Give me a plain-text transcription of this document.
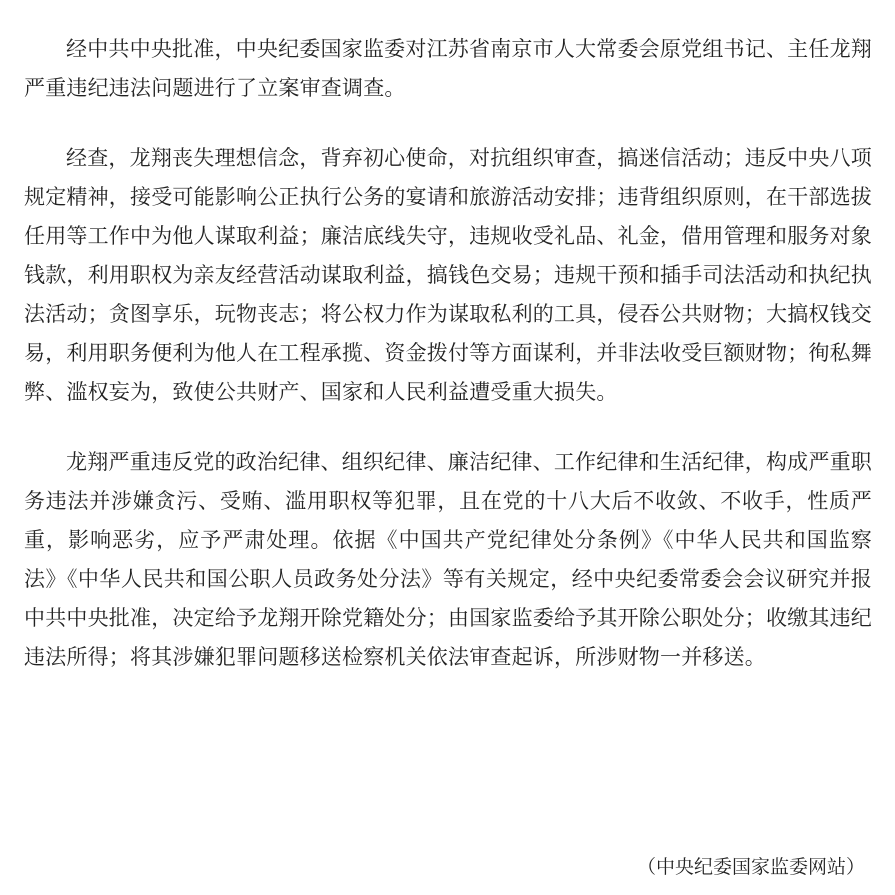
经中共中央批准，中央纪委国家监委对江苏省南京市人大常委会原党组书记、主任龙翔严重违纪违法问题进行了立案审查调查。

经查，龙翔丧失理想信念，背弃初心使命，对抗组织审查，搞迷信活动；违反中央八项规定精神，接受可能影响公正执行公务的宴请和旅游活动安排；违背组织原则，在干部选拔任用等工作中为他人谋取利益；廉洁底线失守，违规收受礼品、礼金，借用管理和服务对象钱款，利用职权为亲友经营活动谋取利益，搞钱色交易；违规干预和插手司法活动和执纪执法活动；贪图享乐，玩物丧志；将公权力作为谋取私利的工具，侵吞公共财物；大搞权钱交易，利用职务便利为他人在工程承揽、资金拨付等方面谋利，并非法收受巨额财物；徇私舞弊、滥权妄为，致使公共财产、国家和人民利益遭受重大损失。

龙翔严重违反党的政治纪律、组织纪律、廉洁纪律、工作纪律和生活纪律，构成严重职务违法并涉嫌贪污、受贿、滥用职权等犯罪，且在党的十八大后不收敛、不收手，性质严重，影响恶劣，应予严肃处理。依据《中国共产党纪律处分条例》《中华人民共和国监察法》《中华人民共和国公职人员政务处分法》等有关规定，经中央纪委常委会会议研究并报中共中央批准，决定给予龙翔开除党籍处分；由国家监委给予其开除公职处分；收缴其违纪违法所得；将其涉嫌犯罪问题移送检察机关依法审查起诉，所涉财物一并移送。

（中央纪委国家监委网站）
